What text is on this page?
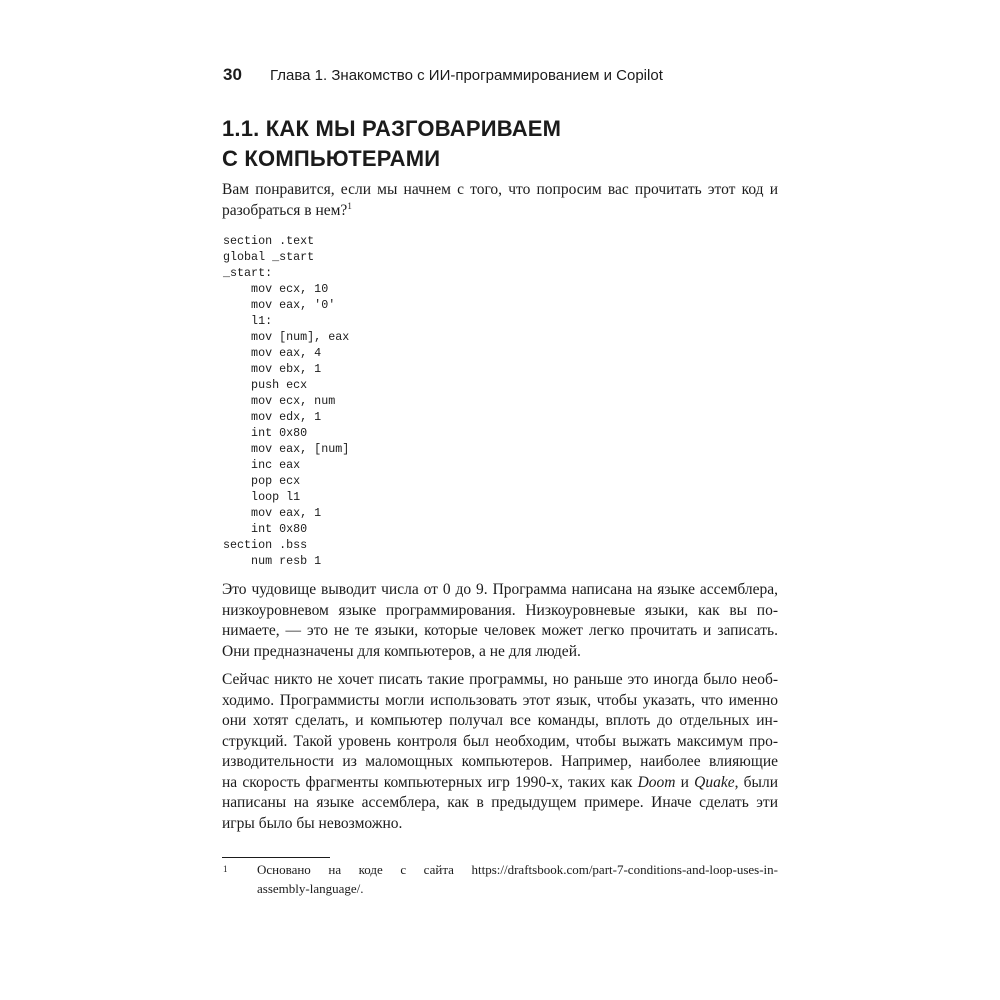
30 Глава 1. Знакомство с ИИ-программированием и Copilot
1.1. КАК МЫ РАЗГОВАРИВАЕМ
С КОМПЬЮТЕРАМИ

Вам понравится, если мы начнем с того, что попросим вас прочитать этот код и разобраться в нем?$^1$

section .text
global _start
_start:
mov ecx, 10
mov eax, '0'
l1:
mov [num], eax
mov eax, 4
mov ebx, 1
push ecx
mov ecx, num
mov edx, 1
int 0x80
mov eax, [num]
inc eax
pop ecx
loop l1
mov eax, 1
int 0x80
section .bss
num resb 1

Это чудовище выводит числа от 0 до 9. Программа написана на языке ассемблера,
низкоуровневом языке программирования. Низкоуровневые языки, как вы по-
нимаете, — это не те языки, которые человек может легко прочитать и записать.
Они предназначены для компьютеров, а не для людей.

Сейчас никто не хочет писать такие программы, но раньше это иногда было необ-
ходимо. Программисты могли использовать этот язык, чтобы указать, что именно
они хотят сделать, и компьютер получал все команды, вплоть до отдельных ин-
струкций. Такой уровень контроля был необходим, чтобы выжать максимум про-
изводительности из маломощных компьютеров. Например, наиболее влияющие
на скорость фрагменты компьютерных игр 1990-х, таких как Doom и Quake, были
написаны на языке ассемблера, как в предыдущем примере. Иначе сделать эти
игры было бы невозможно.

1 Основано на коде с сайта https://draftsbook.com/part-7-conditions-and-loop-uses-in-
assembly-language/.
